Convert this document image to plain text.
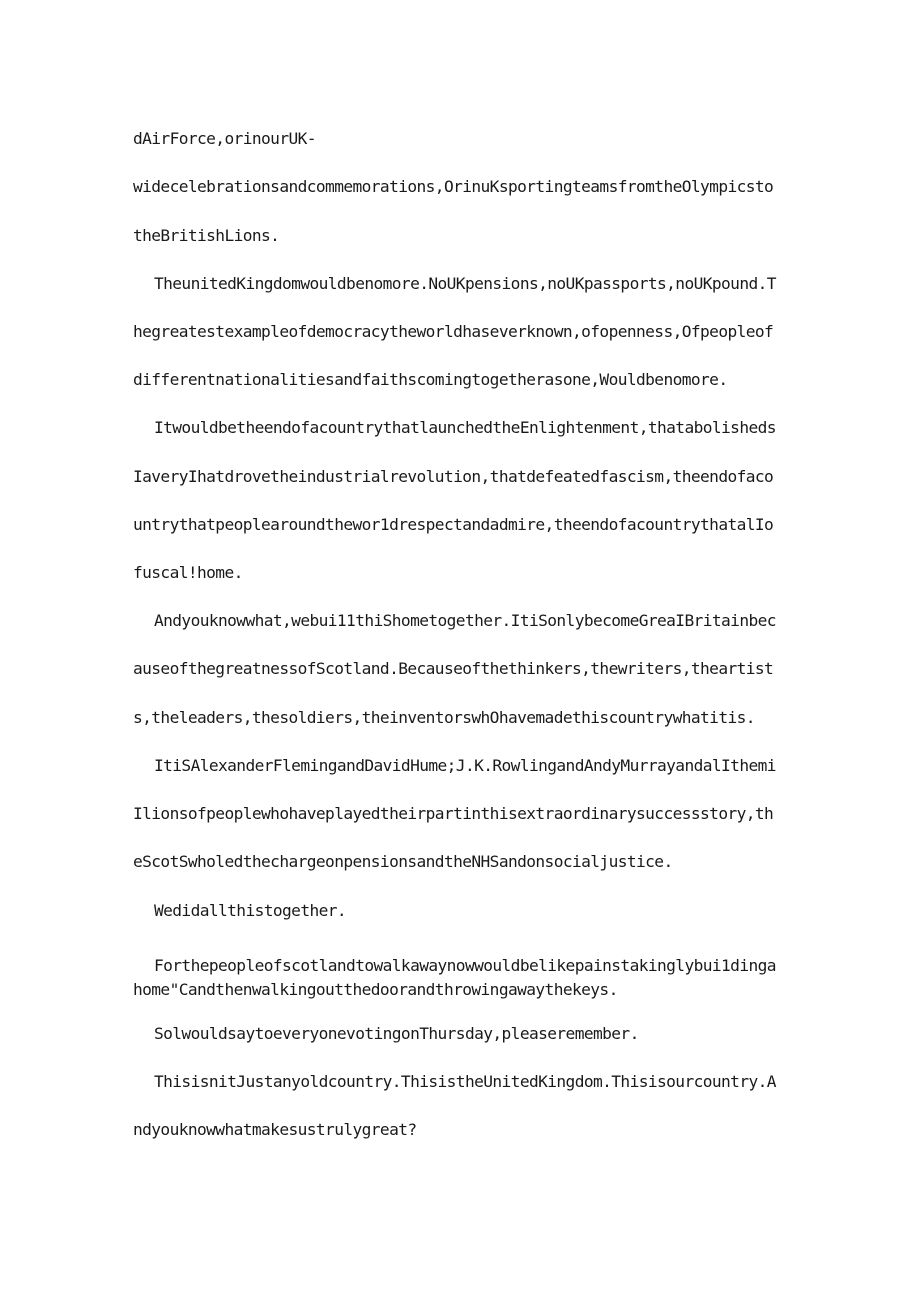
dAirForce,orinourUK-
widecelebrationsandcommemorations,OrinuKsportingteamsfromtheOlympicsto
theBritishLions.
TheunitedKingdomwouldbenomore.NoUKpensions,noUKpassports,noUKpound.T
hegreatestexampleofdemocracytheworldhaseverknown,ofopenness,Ofpeopleof
differentnationalitiesandfaithscomingtogetherasone,Wouldbenomore.
ItwouldbetheendofacountrythatlaunchedtheEnlightenment,thatabolisheds
IaveryIhatdrovetheindustrialrevolution,thatdefeatedfascism,theendofaco
untrythatpeoplearoundthewor1drespectandadmire,theendofacountrythatalIo
fuscal!home.
Andyouknowwhat,webui11thiShometogether.ItiSonlybecomeGreaIBritainbec
auseofthegreatnessofScotland.Becauseofthethinkers,thewriters,theartist
s,theleaders,thesoldiers,theinventorswhOhavemadethiscountrywhatitis.
ItiSAlexanderFlemingandDavidHume;J.K.RowlingandAndyMurrayandalIthemi
Ilionsofpeoplewhohaveplayedtheirpartinthisextraordinarysuccessstory,th
eScotSwholedthechargeonpensionsandtheNHSandonsocialjustice.
Wedidallthistogether.
Forthepeopleofscotlandtowalkawaynowwouldbelikepainstakinglybui1dinga
home"Candthenwalkingoutthedoorandthrowingawaythekeys.
SolwouldsaytoeveryonevotingonThursday,pleaseremember.
ThisisnitJustanyoldcountry.ThisistheUnitedKingdom.Thisisourcountry.A
ndyouknowwhatmakesustrulygreat?
